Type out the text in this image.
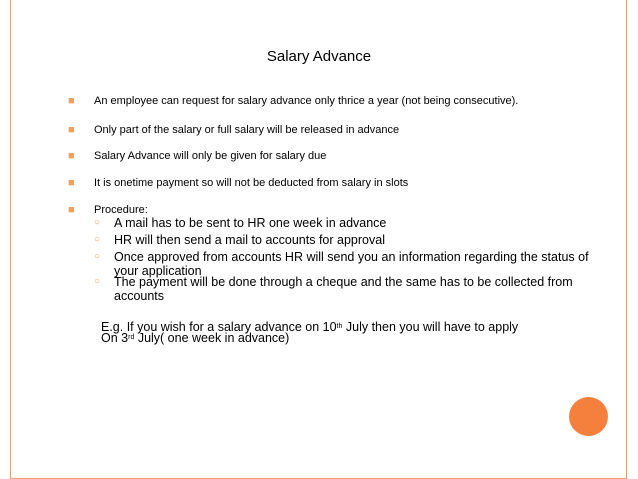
Salary Advance
■ An employee can request for salary advance only thrice a year (not being consecutive).
■ Only part of the salary or full salary will be released in advance
■ Salary Advance will only be given for salary due
■ It is onetime payment so will not be deducted from salary in slots
■ Procedure:
○ A mail has to be sent to HR one week in advance
○ HR will then send a mail to accounts for approval
○ Once approved from accounts HR will send you an information regarding the status of your application
○ The payment will be done through a cheque and the same has to be collected from accounts
E.g. If you wish for a salary advance on 10th July then you will have to apply
On 3rd July( one week in advance)
